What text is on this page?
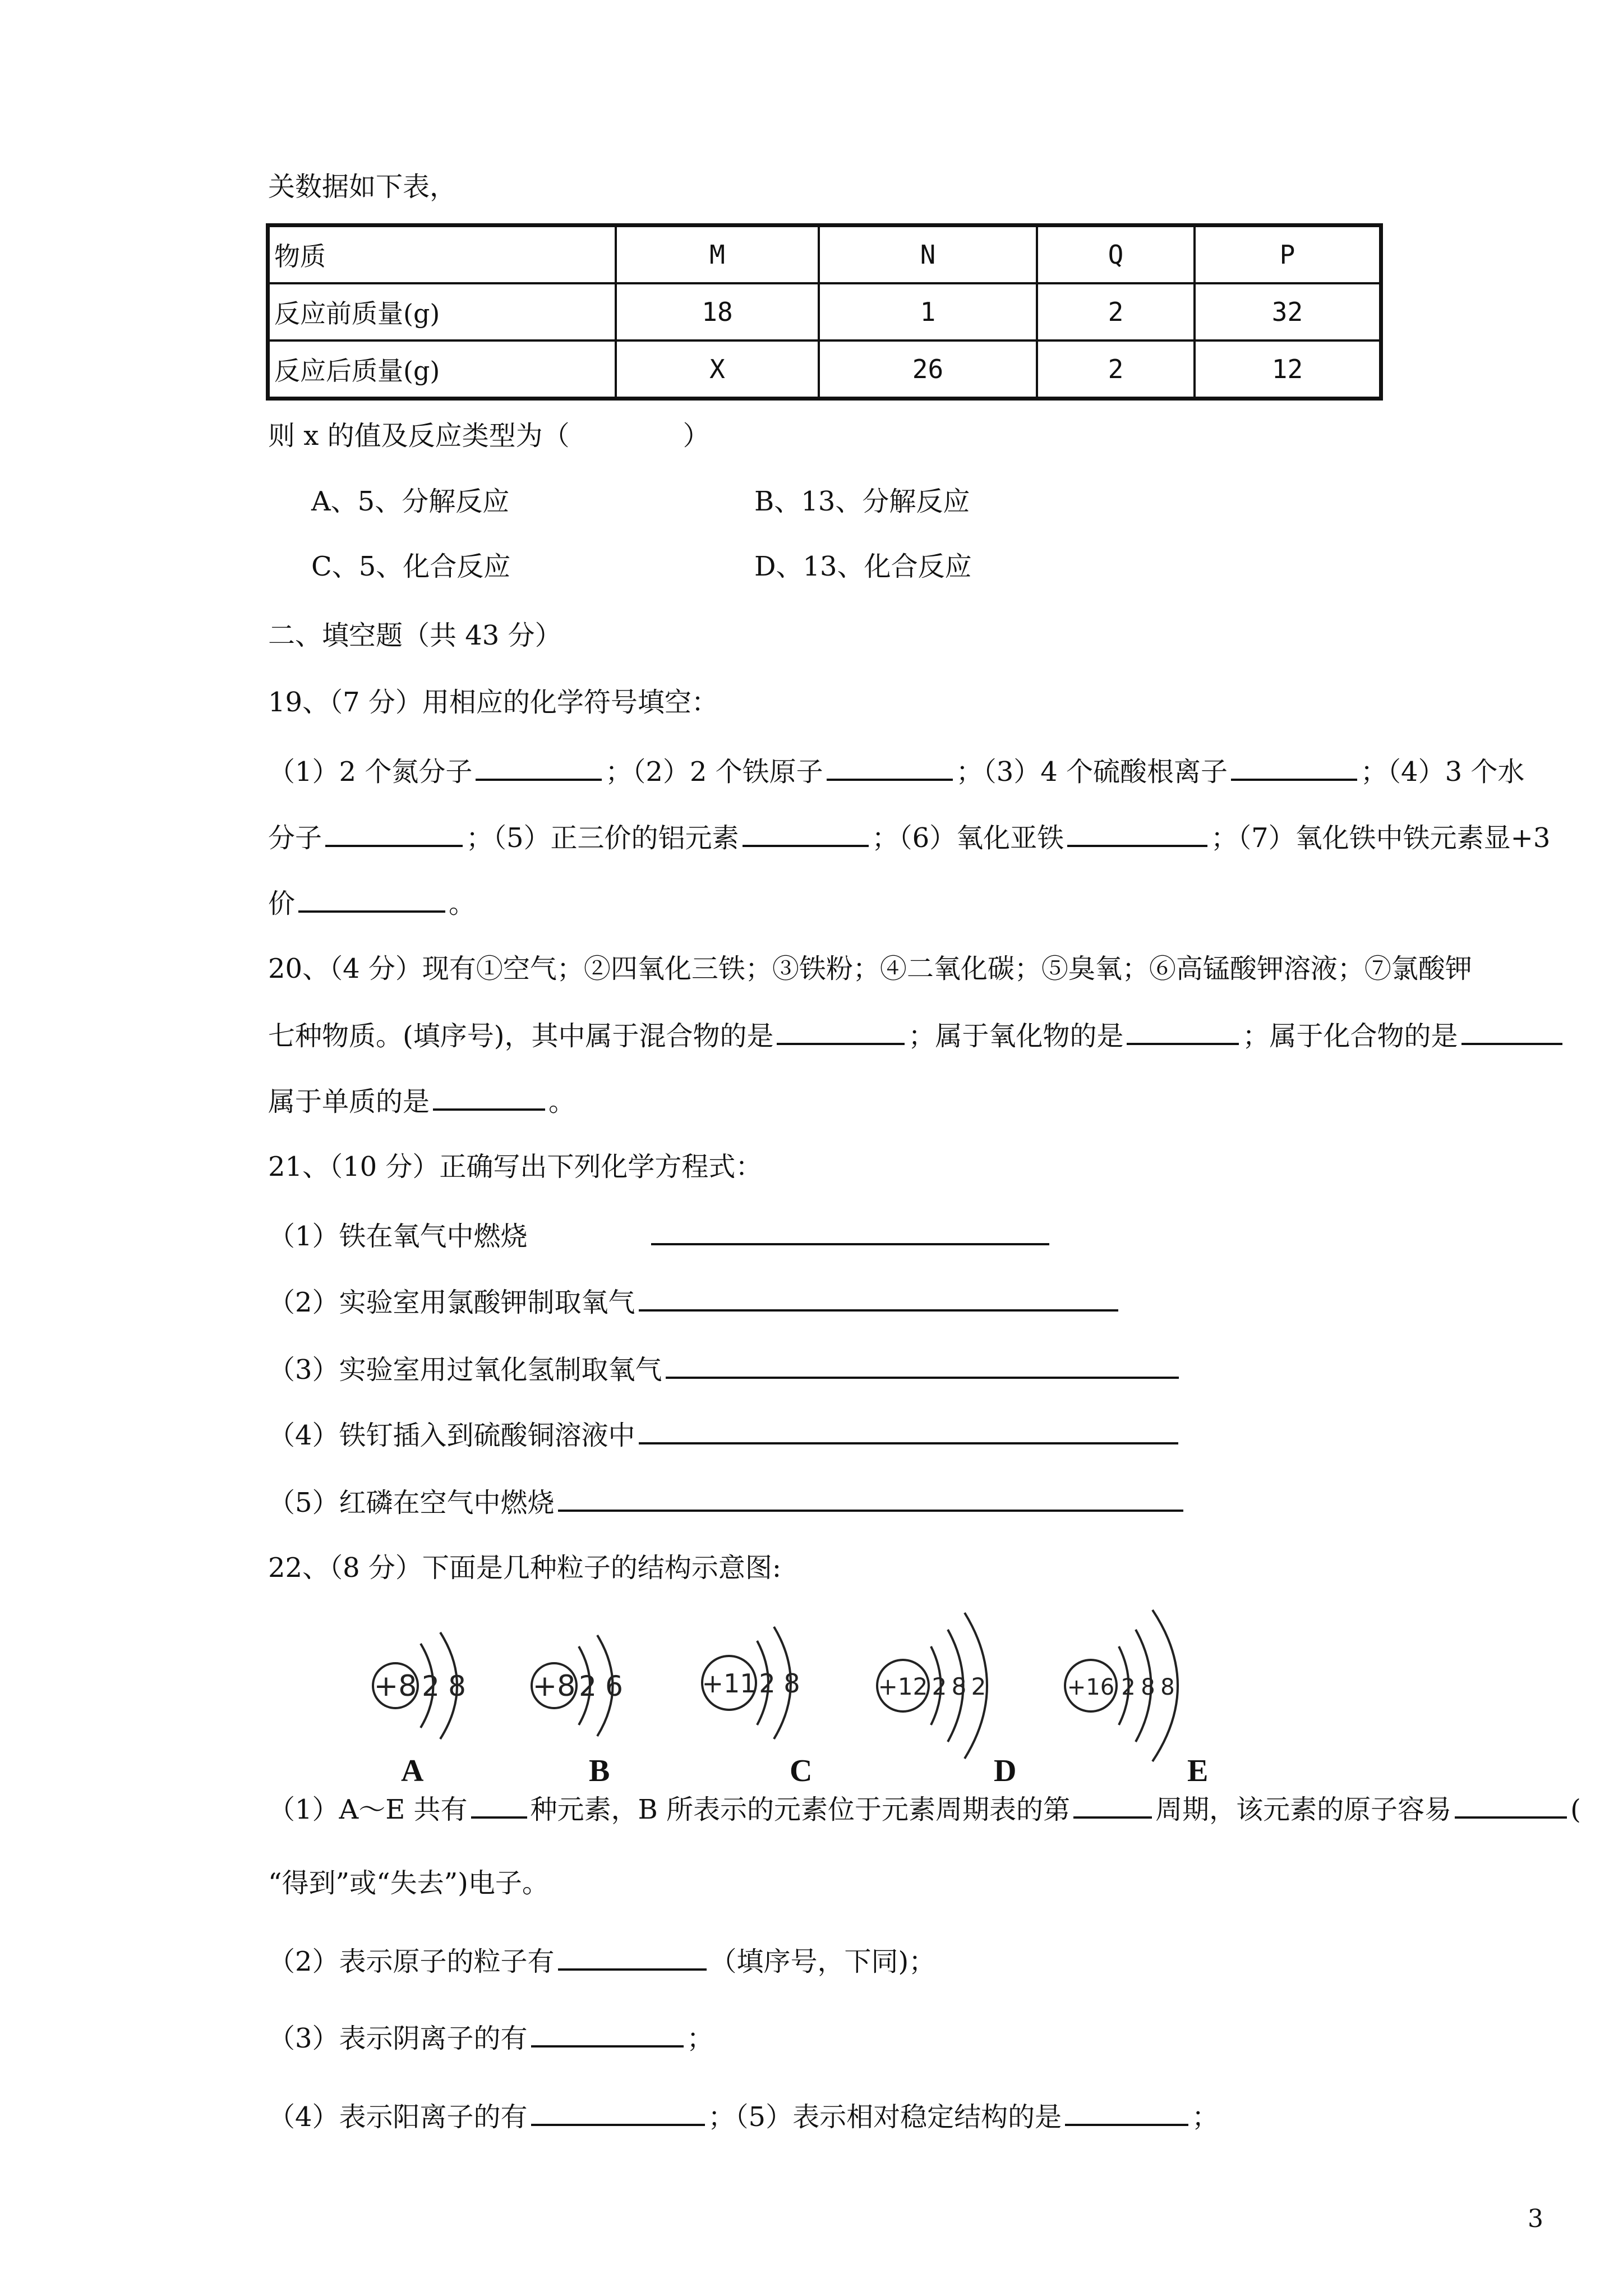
关数据如下表，
物质	M	N	Q	P
反应前质量(g)	18	1	2	32
反应后质量(g)	X	26	2	12
则 x 的值及反应类型为（	）
A、5、分解反应	B、13、分解反应
C、5、化合反应	D、13、化合反应
二、填空题（共 43 分）
19、（7 分）用相应的化学符号填空：
（1）2 个氮分子	；（2）2 个铁原子	；（3）4 个硫酸根离子	；（4）3 个水
分子	；（5）正三价的铝元素	；（6）氧化亚铁	；（7）氧化铁中铁元素显+3
价	。
20、（4 分）现有①空气；②四氧化三铁；③铁粉；④二氧化碳；⑤臭氧；⑥高锰酸钾溶液；⑦氯酸钾
七种物质。(填序号)，其中属于混合物的是	；属于氧化物的是	；属于化合物的是
属于单质的是	。
21、（10 分）正确写出下列化学方程式：
（1）铁在氧气中燃烧
（2）实验室用氯酸钾制取氧气
（3）实验室用过氧化氢制取氧气
（4）铁钉插入到硫酸铜溶液中
（5）红磷在空气中燃烧
22、（8 分）下面是几种粒子的结构示意图:
+8 2 8 +8 2 6	+11 2 8	+12 2 8 2	+16 2 8 8
A	B	C	D	E
（1）A～E 共有 种元素，B 所表示的元素位于元素周期表的第	周期，该元素的原子容易	(
“得到”或“失去”)电子。
（2）表示原子的粒子有	（填序号，下同)；
（3）表示阴离子的有	；
（4）表示阳离子的有	；（5）表示相对稳定结构的是	；
3
